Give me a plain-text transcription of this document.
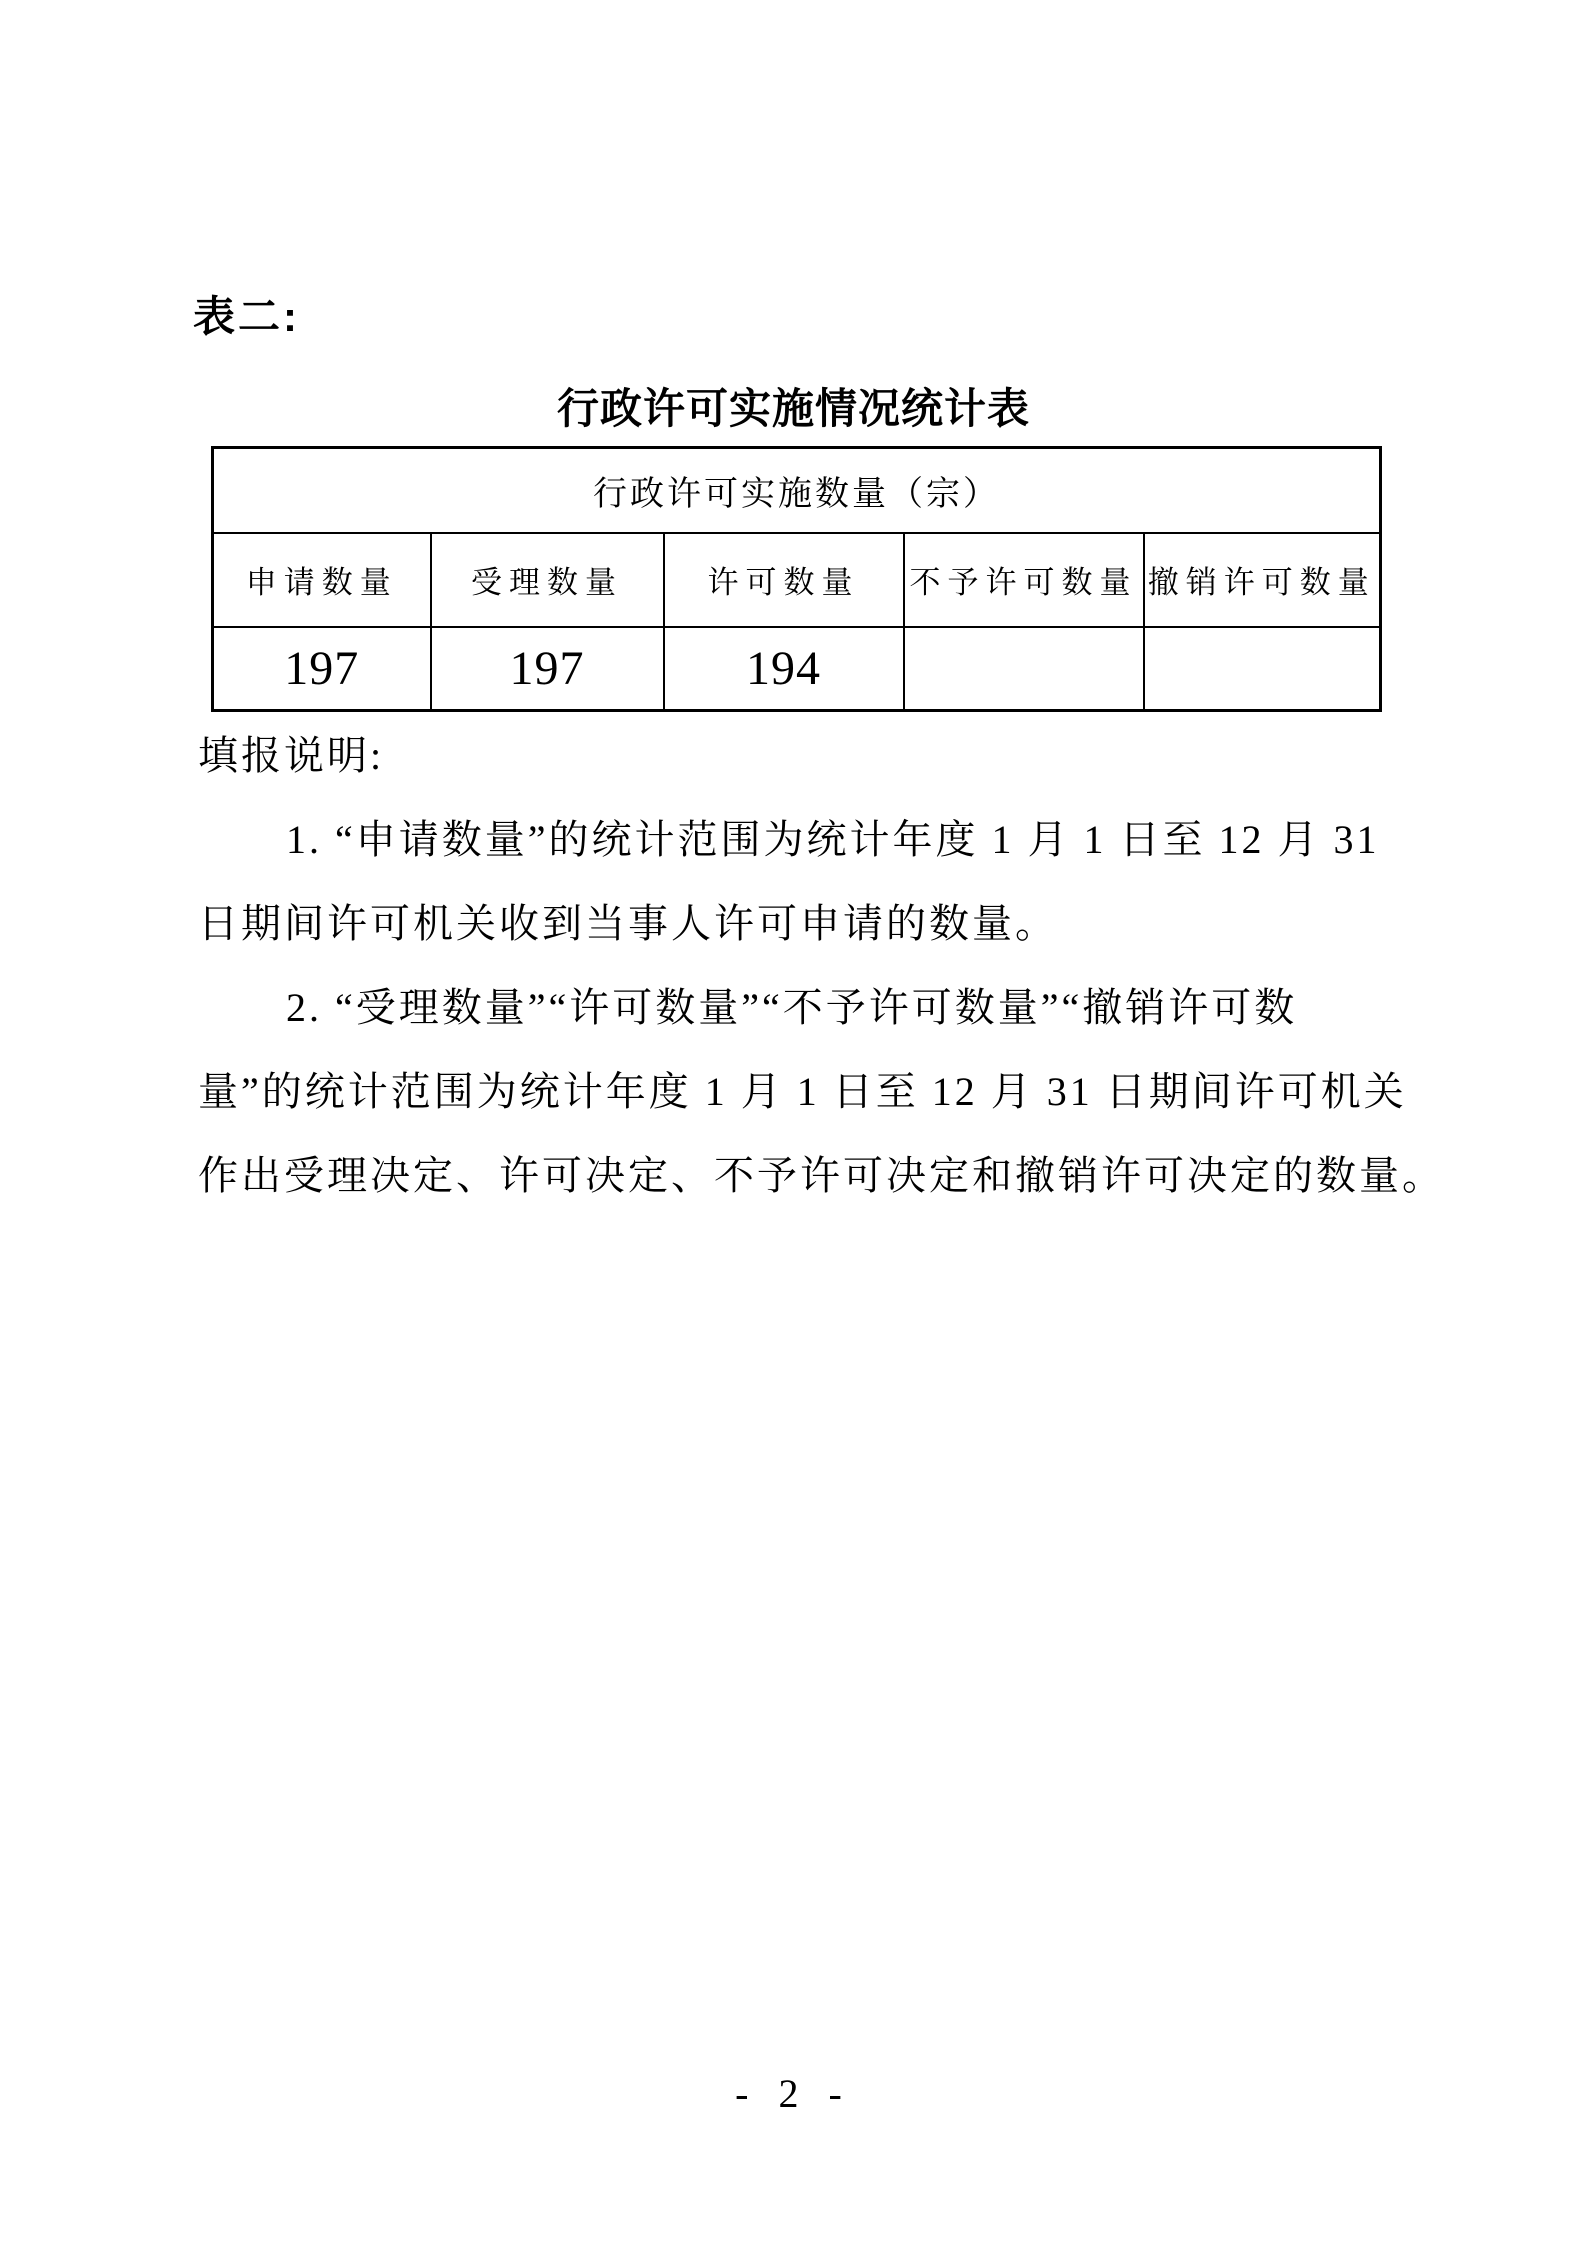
表二:
行政许可实施情况统计表
行政许可实施数量（宗）				
申请数量	受理数量	许可数量	不予许可数量	撤销许可数量
197	197	194		
填报说明:
1. “申请数量”的统计范围为统计年度 1 月 1 日至 12 月 31
日期间许可机关收到当事人许可申请的数量。
2. “受理数量”“许可数量”“不予许可数量”“撤销许可数
量”的统计范围为统计年度 1 月 1 日至 12 月 31 日期间许可机关
作出受理决定、许可决定、不予许可决定和撤销许可决定的数量。
- 2 -
